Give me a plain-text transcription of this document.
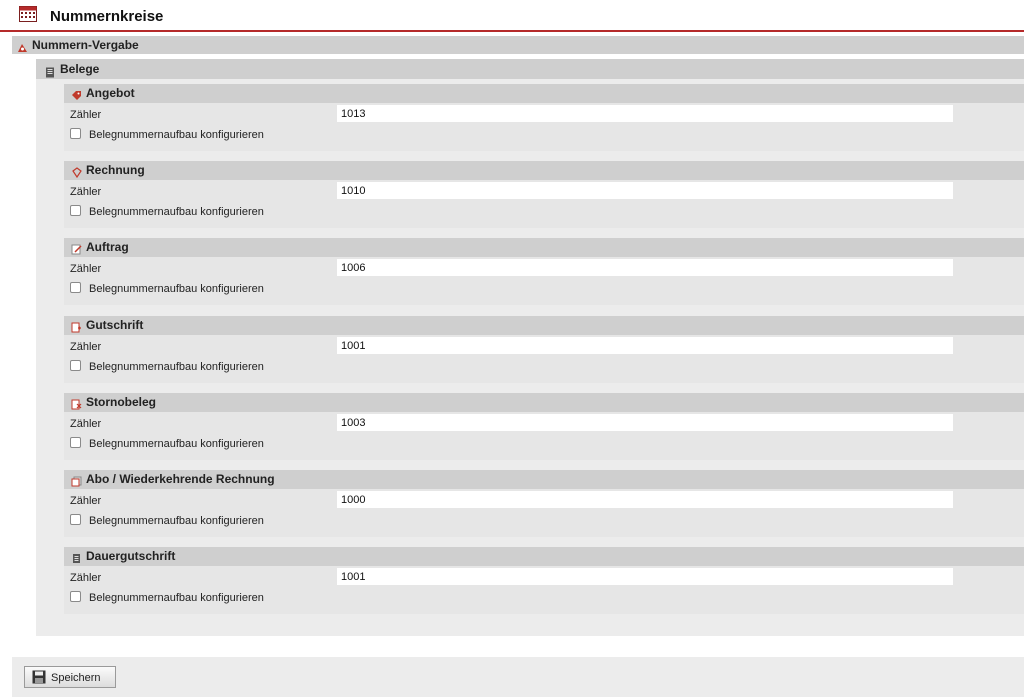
Nummernkreise
Nummern-Vergabe
Belege
Angebot
Zähler
1013
Belegnummernaufbau konfigurieren
Rechnung
Zähler
1010
Belegnummernaufbau konfigurieren
Auftrag
Zähler
1006
Belegnummernaufbau konfigurieren
Gutschrift
Zähler
1001
Belegnummernaufbau konfigurieren
Stornobeleg
Zähler
1003
Belegnummernaufbau konfigurieren
Abo / Wiederkehrende Rechnung
Zähler
1000
Belegnummernaufbau konfigurieren
Dauergutschrift
Zähler
1001
Belegnummernaufbau konfigurieren
Speichern
